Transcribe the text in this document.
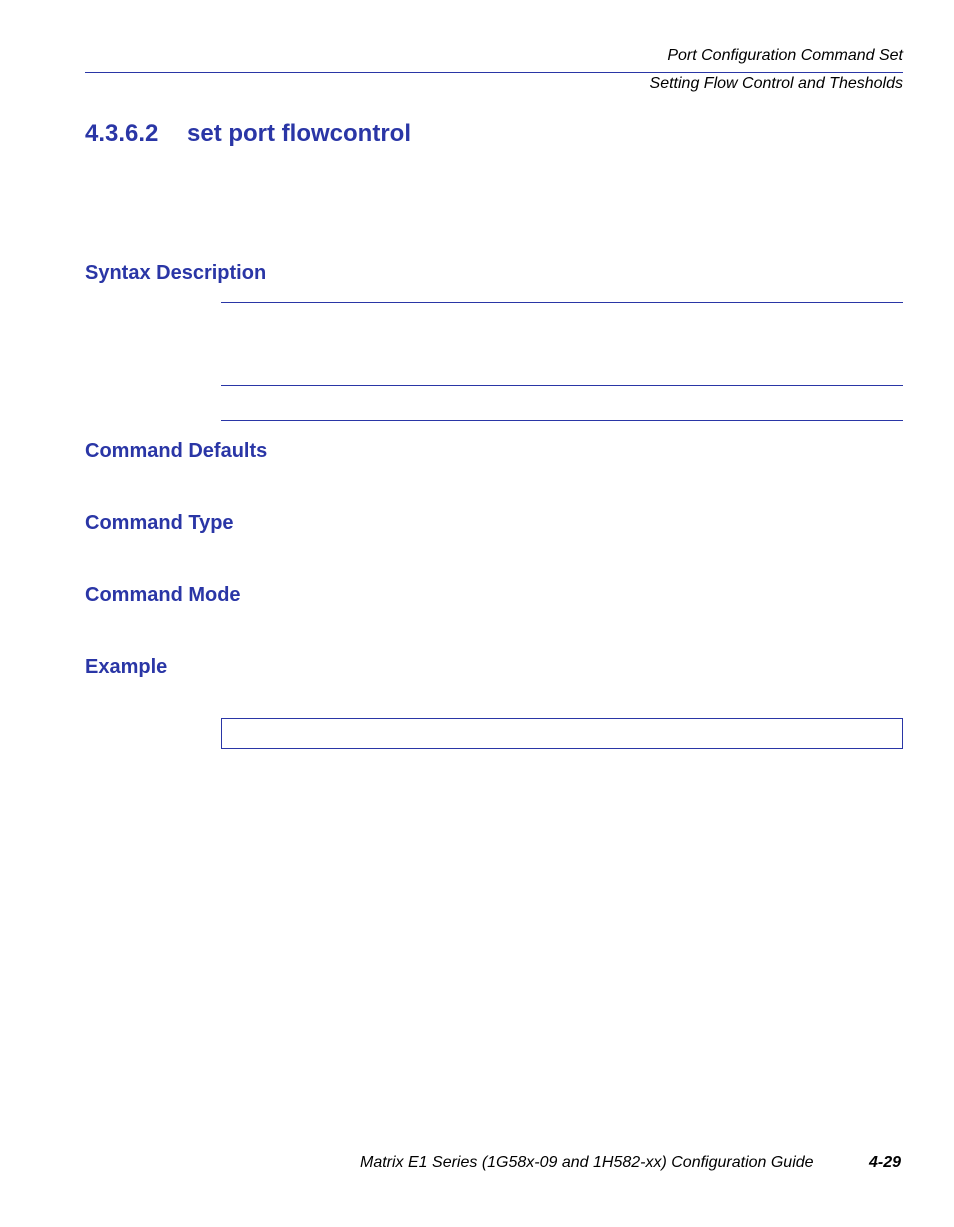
Port Configuration Command Set
Setting Flow Control and Thesholds
4.3.6.2 set port flowcontrol
Syntax Description
Command Defaults
Command Type
Command Mode
Example
Matrix E1 Series (1G58x-09 and 1H582-xx) Configuration Guide	4-29
